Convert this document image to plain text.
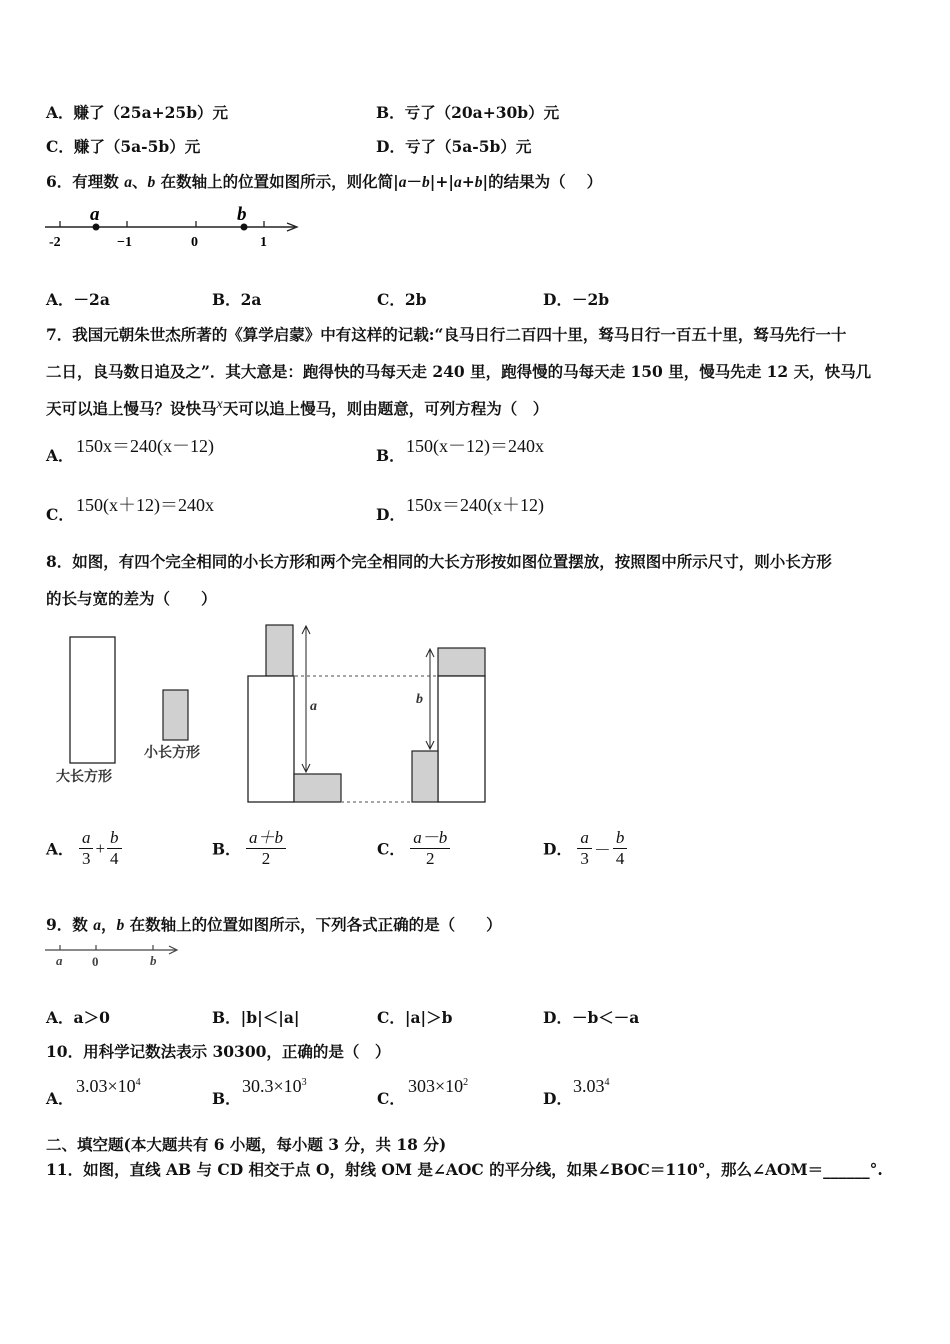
A．赚了（25a+25b）元	B．亏了（20a+30b）元
C．赚了（5a-5b）元	D．亏了（5a-5b）元
6．有理数 a、b 在数轴上的位置如图所示，则化简|a－b|+|a+b|的结果为（　 ）
a	b
-2	−1	0	1
A．－2a	B．2a	C．2b	D．－2b
7．我国元朝朱世杰所著的《算学启蒙》中有这样的记载:“良马日行二百四十里，驽马日行一百五十里，驽马先行一十
二日，良马数日追及之”．其大意是：跑得快的马每天走 240 里，跑得慢的马每天走 150 里，慢马先走 12 天，快马几
天可以追上慢马？设快马x天可以追上慢马，则由题意，可列方程为（　）
A． 150x＝240(x－12)	B． 150(x－12)＝240x
C． 150(x＋12)＝240x	D． 150x＝240(x＋12)
8．如图，有四个完全相同的小长方形和两个完全相同的大长方形按如图位置摆放，按照图中所示尺寸，则小长方形
的长与宽的差为（　　）
大长方形
小长方形
a	b
A． $\frac{a}{3} + \frac{b}{4}$	B． $\frac{a+b}{2}$	C． $\frac{a-b}{2}$	D． $\frac{a}{3} - \frac{b}{4}$
9．数 a，b 在数轴上的位置如图所示，下列各式正确的是（　　）
a 0	b
A．a＞0	B．|b|＜|a|	C．|a|＞b	D．－b＜－a
10．用科学记数法表示 30300，正确的是（　）
A．
$3.03\times 10^4$
B．
$30.3\times 10^3$
C．
$303\times 10^2$
D．
3.03$^4$
二、填空题(本大题共有 6 小题，每小题 3 分，共 18 分)
11．如图，直线 AB 与 CD 相交于点 O，射线 OM 是∠AOC 的平分线，如果∠BOC＝110°，那么∠AOM＝______°.
